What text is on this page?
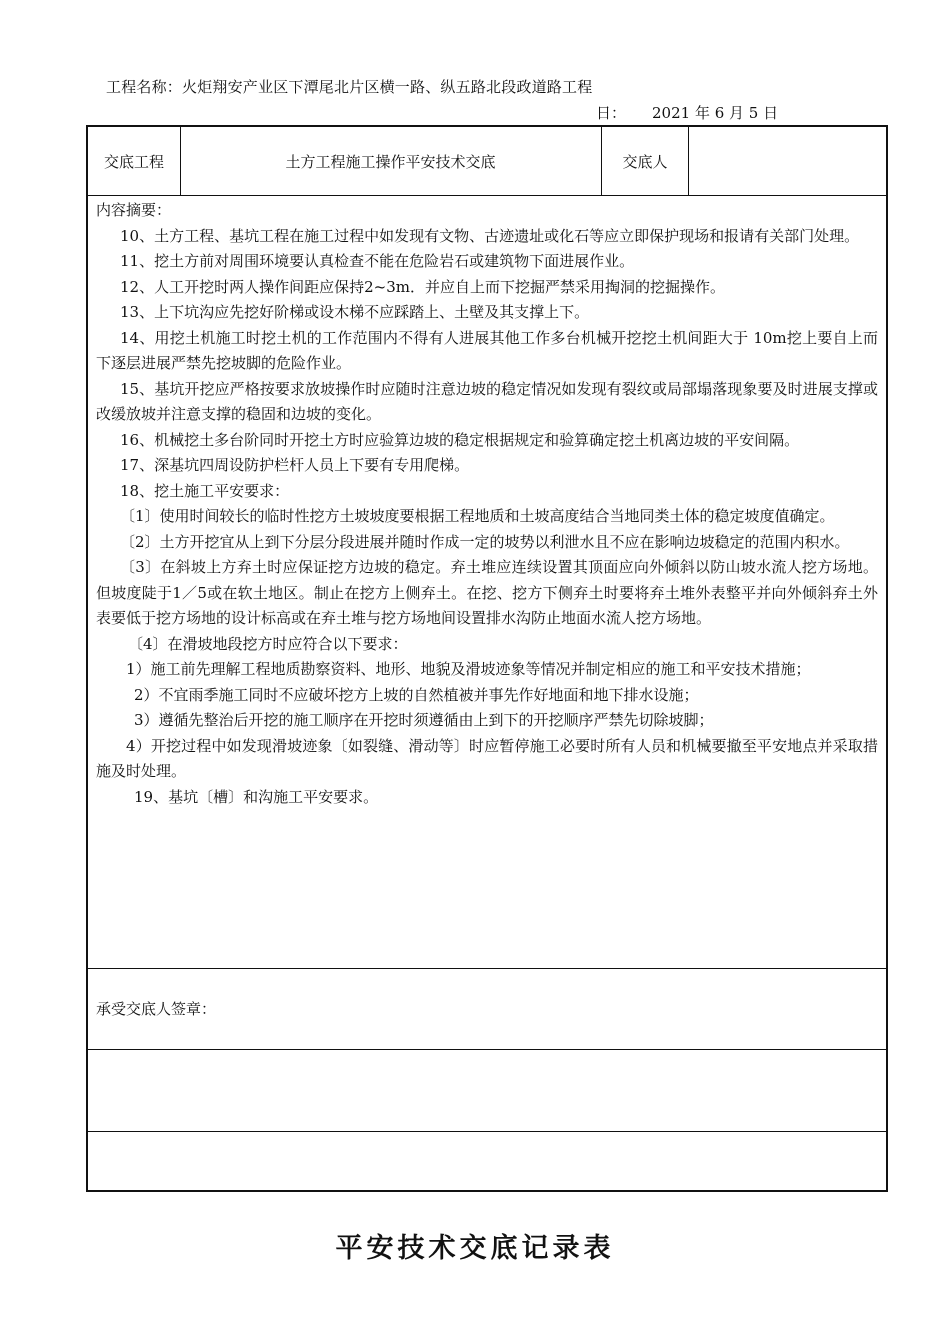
工程名称：火炬翔安产业区下潭尾北片区横一路、纵五路北段政道路工程
日： 2021 年 6 月 5 日
交底工程	土方工程施工操作平安技术交底	交底人

内容摘要：

10、土方工程、基坑工程在施工过程中如发现有文物、古迹遗址或化石等应立即保护现场和报请有关部门处理。

11、挖土方前对周围环境要认真检查不能在危险岩石或建筑物下面进展作业。

12、人工开挖时两人操作间距应保持2~3m．并应自上而下挖掘严禁采用掏洞的挖掘操作。

13、上下坑沟应先挖好阶梯或设木梯不应踩踏上、土壁及其支撑上下。

14、用挖土机施工时挖土机的工作范围内不得有人进展其他工作多台机械开挖挖土机间距大于 10m挖上要自上而下逐层进展严禁先挖坡脚的危险作业。

15、基坑开挖应严格按要求放坡操作时应随时注意边坡的稳定情况如发现有裂纹或局部塌落现象要及时进展支撑或改缓放坡并注意支撑的稳固和边坡的变化。

16、机械挖土多台阶同时开挖土方时应验算边坡的稳定根据规定和验算确定挖土机离边坡的平安间隔。

17、深基坑四周设防护栏杆人员上下要有专用爬梯。

18、挖土施工平安要求：

〔1〕使用时间较长的临时性挖方土坡坡度要根据工程地质和土坡高度结合当地同类土体的稳定坡度值确定。

〔2〕土方开挖宜从上到下分层分段进展并随时作成一定的坡势以利泄水且不应在影响边坡稳定的范围内积水。

〔3〕在斜坡上方弃土时应保证挖方边坡的稳定。弃土堆应连续设置其顶面应向外倾斜以防山坡水流人挖方场地。但坡度陡于1／5或在软土地区。制止在挖方上侧弃土。在挖、挖方下侧弃土时要将弃土堆外表整平并向外倾斜弃土外表要低于挖方场地的设计标高或在弃土堆与挖方场地间设置排水沟防止地面水流人挖方场地。

〔4〕在滑坡地段挖方时应符合以下要求：

1）施工前先理解工程地质勘察资料、地形、地貌及滑坡迹象等情况并制定相应的施工和平安技术措施；

2）不宜雨季施工同时不应破坏挖方上坡的自然植被并事先作好地面和地下排水设施；

3）遵循先整治后开挖的施工顺序在开挖时须遵循由上到下的开挖顺序严禁先切除坡脚；

4）开挖过程中如发现滑坡迹象〔如裂缝、滑动等〕时应暂停施工必要时所有人员和机械要撤至平安地点并采取措施及时处理。

19、基坑〔槽〕和沟施工平安要求。

承受交底人签章：
平安技术交底记录表
